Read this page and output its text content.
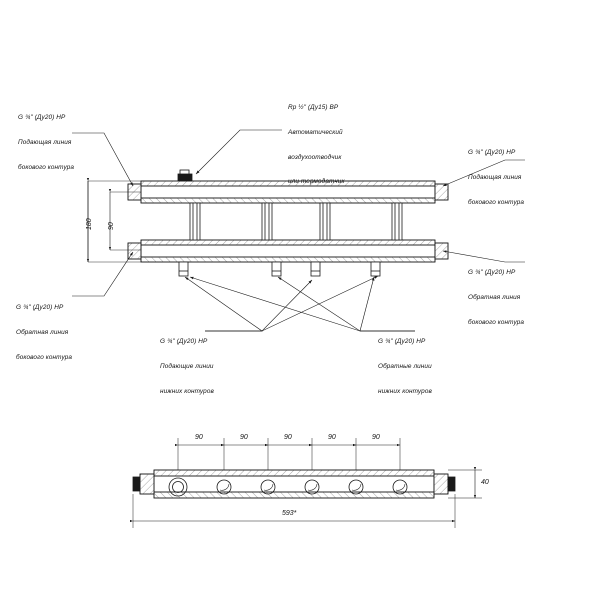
G ¾" (Ду20) НР

Подающая линия

бокового контура

Rp ½" (Ду15) ВР

Автоматический

воздухоотводчик

или термодатчик

G ¾" (Ду20) НР

Подающая линия

бокового контура

G ¾" (Ду20) НР

Обратная линия

бокового контура

G ¾" (Ду20) НР

Обратная линия

бокового контура

G ¾" (Ду20) НР

Подающие линии

нижних контуров

G ¾" (Ду20) НР

Обратные линии

нижних контуров

180 90
90	90	90	90	90
593*
40
